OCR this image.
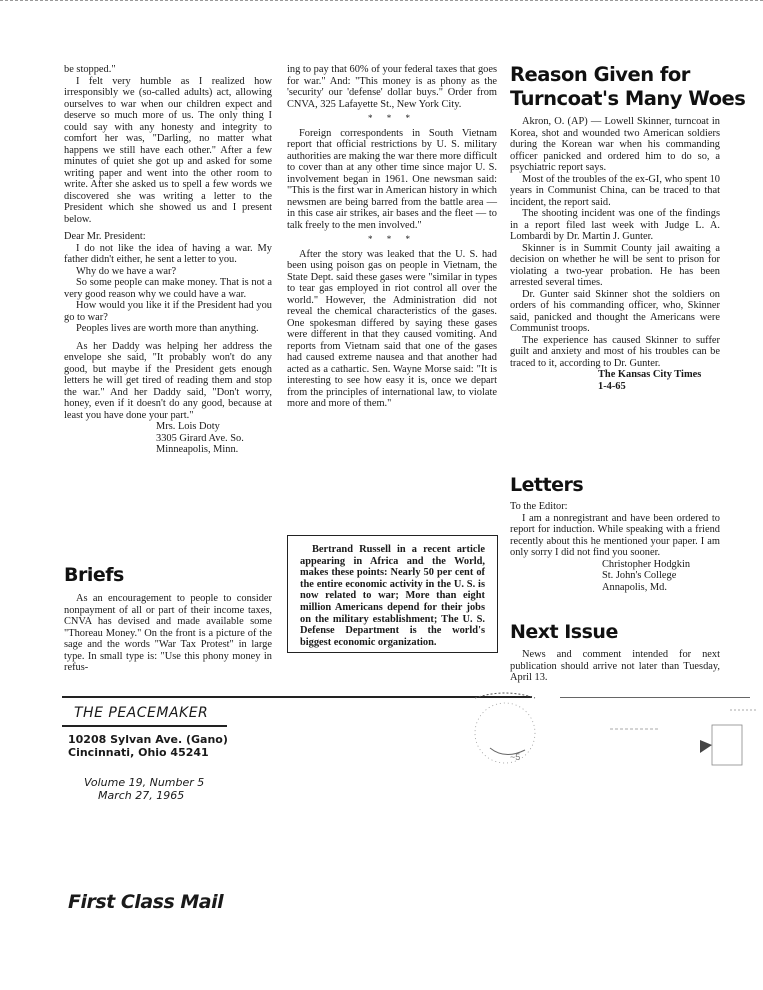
be stopped."

I felt very humble as I realized how irresponsibly we (so-called adults) act, allowing ourselves to war when our children expect and deserve so much more of us. The only thing I could say with any honesty and integrity to comfort her was, "Darling, no matter what happens we still have each other." After a few minutes of quiet she got up and asked for some writing paper and went into the other room to write. After she asked us to spell a few words we discovered she was writing a letter to the President which she showed us and I present below.

Dear Mr. President:

I do not like the idea of having a war. My father didn't either, he sent a letter to you.

Why do we have a war?

So some people can make money. That is not a very good reason why we could have a war.

How would you like it if the President had you go to war?

Peoples lives are worth more than anything.

As her Daddy was helping her address the envelope she said, "It probably won't do any good, but maybe if the President gets enough letters he will get tired of reading them and stop the war." And her Daddy said, "Don't worry, honey, even if it doesn't do any good, because at least you have done your part."

Mrs. Lois Doty
3305 Girard Ave. So.
Minneapolis, Minn.
Briefs

As an encouragement to people to consider nonpayment of all or part of their income taxes, CNVA has devised and made available some "Thoreau Money." On the front is a picture of the sage and the words "War Tax Protest" in large type. In small type is: "Use this phony money in refus-

ing to pay that 60% of your federal taxes that goes for war." And: "This money is as phony as the 'security' our 'defense' dollar buys." Order from CNVA, 325 Lafayette St., New York City.

* * *

Foreign correspondents in South Vietnam report that official restrictions by U. S. military authorities are making the war there more difficult to cover than at any other time since major U. S. involvement began in 1961. One newsman said: "This is the first war in American history in which newsmen are being barred from the battle area — in this case air strikes, air bases and the fleet — to talk freely to the men involved."

* * *

After the story was leaked that the U. S. had been using poison gas on people in Vietnam, the State Dept. said these gases were "similar in types to tear gas employed in riot control all over the world." However, the Administration did not reveal the chemical characteristics of the gases. One spokesman differed by saying these gases were different in that they caused vomiting. And reports from Vietnam said that one of the gases had caused extreme nausea and that another had acted as a cathartic. Sen. Wayne Morse said: "It is interesting to see how easy it is, once we depart from the principles of international law, to violate more and more of them."

Bertrand Russell in a recent article appearing in Africa and the World, makes these points: Nearly 50 per cent of the entire economic activity in the U. S. is now related to war; More than eight million Americans depend for their jobs on the military establishment; The U. S. Defense Department is the world's biggest economic organization.

Reason Given for
Turncoat's Many Woes

Akron, O. (AP) — Lowell Skinner, turncoat in Korea, shot and wounded two American soldiers during the Korean war when his commanding officer panicked and ordered him to do so, a psychiatric report says.

Most of the troubles of the ex-GI, who spent 10 years in Communist China, can be traced to that incident, the report said.

The shooting incident was one of the findings in a report filed last week with Judge L. A. Lombardi by Dr. Martin J. Gunter.

Skinner is in Summit County jail awaiting a decision on whether he will be sent to prison for violating a two-year probation. He has been arrested several times.

Dr. Gunter said Skinner shot the soldiers on orders of his commanding officer, who, Skinner said, panicked and thought the Americans were Communist troops.

The experience has caused Skinner to suffer guilt and anxiety and most of his troubles can be traced to it, according to Dr. Gunter.

The Kansas City Times
1-4-65
Letters

To the Editor:

I am a nonregistrant and have been ordered to report for induction. While speaking with a friend recently about this he mentioned your paper. I am only sorry I did not find you sooner.

Christopher Hodgkin
St. John's College
Annapolis, Md.
Next Issue

News and comment intended for next publication should arrive not later than Tuesday, April 13.

THE PEACEMAKER
10208 Sylvan Ave. (Gano)
Cincinnati, Ohio 45241
Volume 19, Number 5
March 27, 1965
First Class Mail
~5
